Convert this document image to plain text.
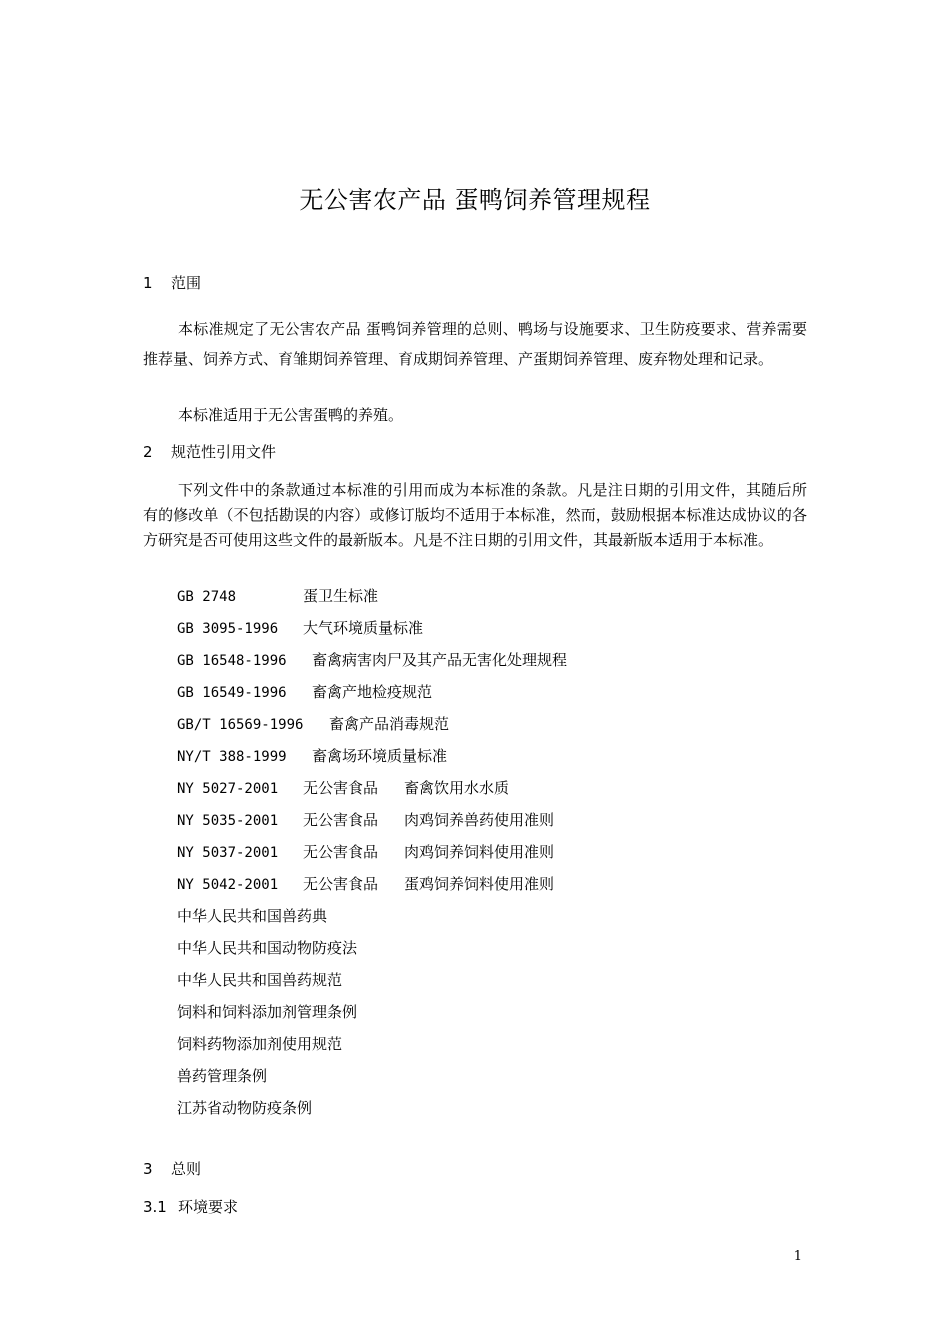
无公害农产品 蛋鸭饲养管理规程
1 范围

本标准规定了无公害农产品 蛋鸭饲养管理的总则、鸭场与设施要求、卫生防疫要求、营养需要推荐量、饲养方式、育雏期饲养管理、育成期饲养管理、产蛋期饲养管理、废弃物处理和记录。

本标准适用于无公害蛋鸭的养殖。

2 规范性引用文件

下列文件中的条款通过本标准的引用而成为本标准的条款。凡是注日期的引用文件，其随后所有的修改单（不包括勘误的内容）或修订版均不适用于本标准，然而，鼓励根据本标准达成协议的各方研究是否可使用这些文件的最新版本。凡是不注日期的引用文件，其最新版本适用于本标准。

GB 2748	蛋卫生标准
GB 3095-1996 大气环境质量标准
GB 16548-1996 畜禽病害肉尸及其产品无害化处理规程
GB 16549-1996 畜禽产地检疫规范
GB/T 16569-1996 畜禽产品消毒规范
NY/T 388-1999 畜禽场环境质量标准
NY 5027-2001 无公害食品 畜禽饮用水水质
NY 5035-2001 无公害食品 肉鸡饲养兽药使用准则
NY 5037-2001 无公害食品 肉鸡饲养饲料使用准则
NY 5042-2001 无公害食品 蛋鸡饲养饲料使用准则
中华人民共和国兽药典
中华人民共和国动物防疫法
中华人民共和国兽药规范
饲料和饲料添加剂管理条例
饲料药物添加剂使用规范
兽药管理条例
江苏省动物防疫条例
3 总则
3.1 环境要求
1
